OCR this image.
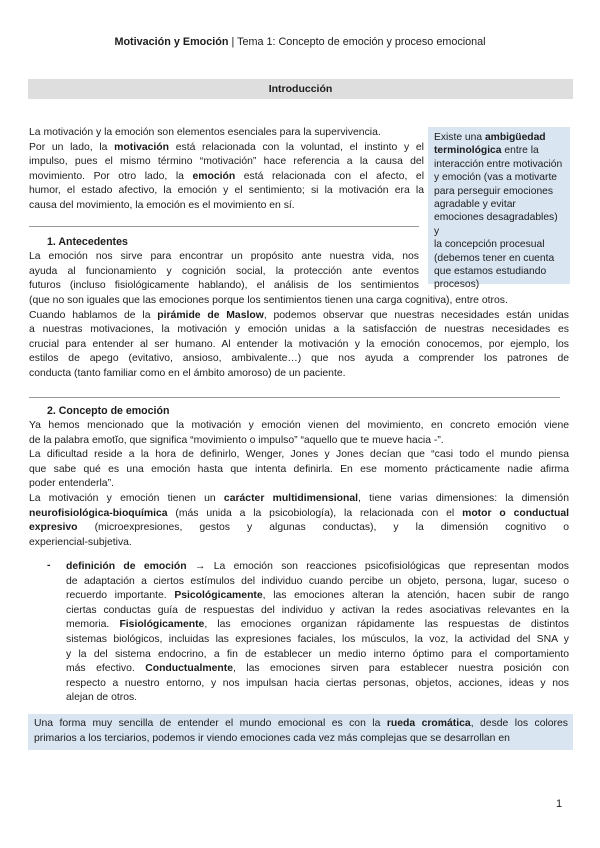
Motivación y Emoción | Tema 1: Concepto de emoción y proceso emocional
Introducción
La motivación y la emoción son elementos esenciales para la supervivencia.
Por un lado, la motivación está relacionada con la voluntad, el instinto y el
impulso, pues el mismo término “motivación” hace referencia a la causa del
movimiento. Por otro lado, la emoción está relacionada con el afecto, el
humor, el estado afectivo, la emoción y el sentimiento; si la motivación era la
causa del movimiento, la emoción es el movimiento en sí.
Existe una ambigüedad
terminológica entre la
interacción entre motivación
y emoción (vas a motivarte
para perseguir emociones
agradable y evitar
emociones desagradables) y
la concepción procesual
(debemos tener en cuenta
que estamos estudiando
procesos)
1. Antecedentes
La emoción nos sirve para encontrar un propósito ante nuestra vida, nos
ayuda al funcionamiento y cognición social, la protección ante eventos
futuros (incluso fisiológicamente hablando), el análisis de los sentimientos
(que no son iguales que las emociones porque los sentimientos tienen una carga cognitiva), entre otros.
Cuando hablamos de la pirámide de Maslow, podemos observar que nuestras necesidades están unidas
a nuestras motivaciones, la motivación y emoción unidas a la satisfacción de nuestras necesidades es
crucial para entender al ser humano. Al entender la motivación y la emoción conocemos, por ejemplo, los
estilos de apego (evitativo, ansioso, ambivalente…) que nos ayuda a comprender los patrones de
conducta (tanto familiar como en el ámbito amoroso) de un paciente.
2. Concepto de emoción
Ya hemos mencionado que la motivación y emoción vienen del movimiento, en concreto emoción viene
de la palabra emotĭo, que significa “movimiento o impulso” “aquello que te mueve hacia -”.
La dificultad reside a la hora de definirlo, Wenger, Jones y Jones decían que “casi todo el mundo piensa
que sabe qué es una emoción hasta que intenta definirla. En ese momento prácticamente nadie afirma
poder entenderla”.
La motivación y emoción tienen un carácter multidimensional, tiene varias dimensiones: la dimensión
neurofisiológica-bioquímica (más unida a la psicobiología), la relacionada con el motor o conductual
expresivo (microexpresiones, gestos y algunas conductas), y la dimensión cognitivo o
experiencial-subjetiva.
- definición de emoción → La emoción son reacciones psicofisiológicas que representan modos
de adaptación a ciertos estímulos del individuo cuando percibe un objeto, persona, lugar, suceso o
recuerdo importante. Psicológicamente, las emociones alteran la atención, hacen subir de rango
ciertas conductas guía de respuestas del individuo y activan la redes asociativas relevantes en la
memoria. Fisiológicamente, las emociones organizan rápidamente las respuestas de distintos
sistemas biológicos, incluidas las expresiones faciales, los músculos, la voz, la actividad del SNA y
y la del sistema endocrino, a fin de establecer un medio interno óptimo para el comportamiento
más efectivo. Conductualmente, las emociones sirven para establecer nuestra posición con
respecto a nuestro entorno, y nos impulsan hacia ciertas personas, objetos, acciones, ideas y nos
alejan de otros.
Una forma muy sencilla de entender el mundo emocional es con la rueda cromática, desde los colores
primarios a los terciarios, podemos ir viendo emociones cada vez más complejas que se desarrollan en
1
